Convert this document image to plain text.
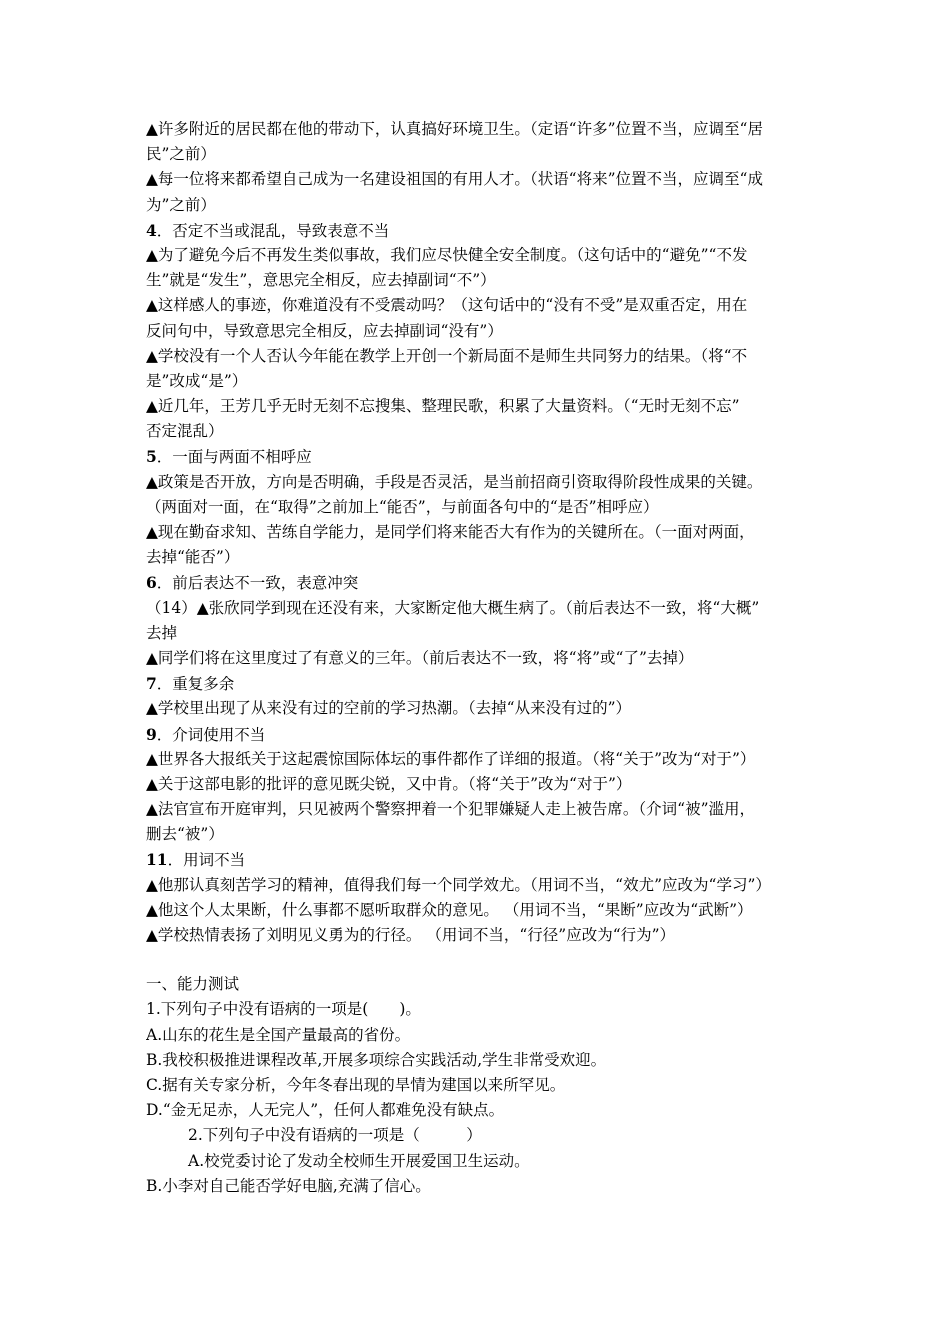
▲许多附近的居民都在他的带动下，认真搞好环境卫生。（定语“许多”位置不当，应调至“居
民”之前）
▲每一位将来都希望自己成为一名建设祖国的有用人才。（状语“将来”位置不当，应调至“成
为”之前）
4．否定不当或混乱，导致表意不当
▲为了避免今后不再发生类似事故，我们应尽快健全安全制度。（这句话中的“避免”“不发
生”就是“发生”，意思完全相反，应去掉副词“不”）
▲这样感人的事迹，你难道没有不受震动吗？（这句话中的“没有不受”是双重否定，用在
反问句中，导致意思完全相反，应去掉副词“没有”）
▲学校没有一个人否认今年能在教学上开创一个新局面不是师生共同努力的结果。（将“不
是”改成“是”）
▲近几年，王芳几乎无时无刻不忘搜集、整理民歌，积累了大量资料。（“无时无刻不忘”
否定混乱）
5．一面与两面不相呼应
▲政策是否开放，方向是否明确，手段是否灵活，是当前招商引资取得阶段性成果的关键。
（两面对一面，在“取得”之前加上“能否”，与前面各句中的“是否”相呼应）
▲现在勤奋求知、苦练自学能力，是同学们将来能否大有作为的关键所在。（一面对两面，
去掉“能否”）
6．前后表达不一致，表意冲突
（14）▲张欣同学到现在还没有来，大家断定他大概生病了。（前后表达不一致，将“大概”
去掉
▲同学们将在这里度过了有意义的三年。（前后表达不一致，将“将”或“了”去掉）
7．重复多余
▲学校里出现了从来没有过的空前的学习热潮。（去掉“从来没有过的”）
9．介词使用不当
▲世界各大报纸关于这起震惊国际体坛的事件都作了详细的报道。（将“关于”改为“对于”）
▲关于这部电影的批评的意见既尖锐，又中肯。（将“关于”改为“对于”）
▲法官宣布开庭审判，只见被两个警察押着一个犯罪嫌疑人走上被告席。（介词“被”滥用，
删去“被”）
11．用词不当
▲他那认真刻苦学习的精神，值得我们每一个同学效尤。（用词不当，“效尤”应改为“学习”）
▲他这个人太果断，什么事都不愿听取群众的意见。 （用词不当，“果断”应改为“武断”）
▲学校热情表扬了刘明见义勇为的行径。 （用词不当，“行径”应改为“行为”）
一、能力测试
1.下列句子中没有语病的一项是(　　)。
A.山东的花生是全国产量最高的省份。
B.我校积极推进课程改革,开展多项综合实践活动,学生非常受欢迎。
C.据有关专家分析，今年冬春出现的旱情为建国以来所罕见。
D.“金无足赤，人无完人”，任何人都难免没有缺点。
2.下列句子中没有语病的一项是（　　　）
A.校党委讨论了发动全校师生开展爱国卫生运动。
B.小李对自己能否学好电脑,充满了信心。
